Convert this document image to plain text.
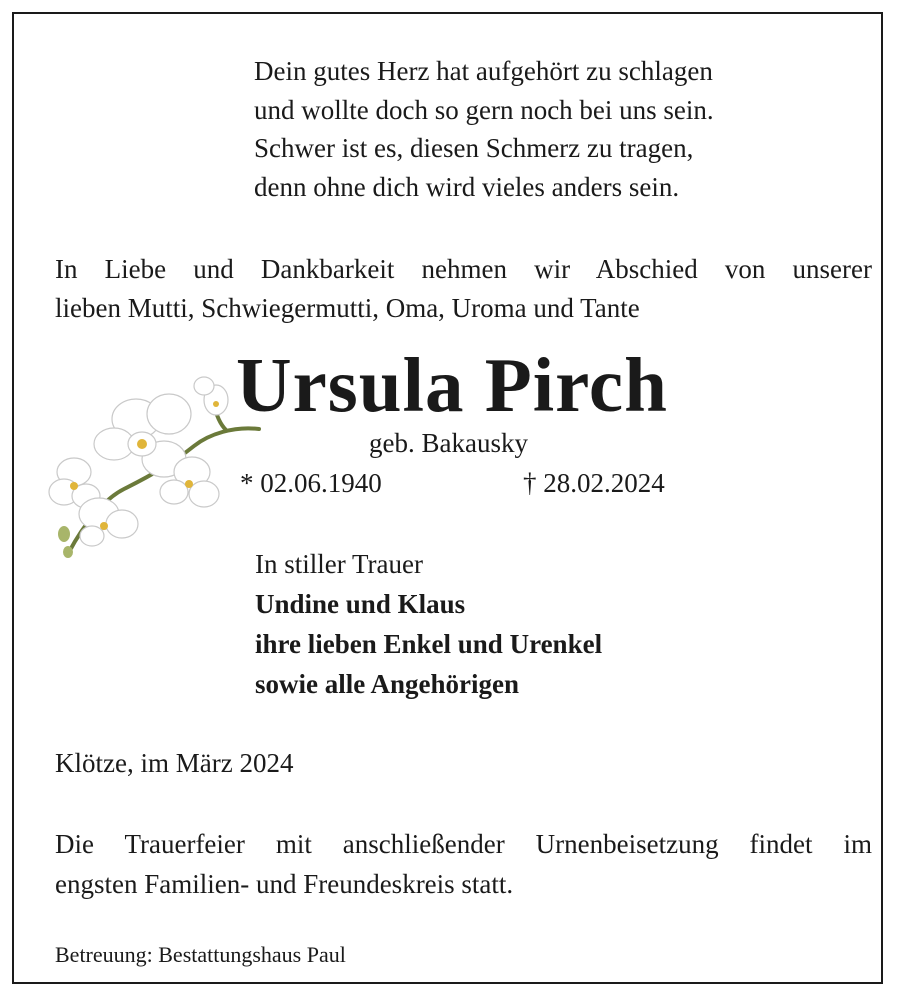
Dein gutes Herz hat aufgehört zu schlagen
und wollte doch so gern noch bei uns sein.
Schwer ist es, diesen Schmerz zu tragen,
denn ohne dich wird vieles anders sein.
In Liebe und Dankbarkeit nehmen wir Abschied von unserer
lieben Mutti, Schwiegermutti, Oma, Uroma und Tante
Ursula Pirch
geb. Bakausky
* 02.06.1940	† 28.02.2024
In stiller Trauer
Undine und Klaus
ihre lieben Enkel und Urenkel
sowie alle Angehörigen
Klötze, im März 2024
Die Trauerfeier mit anschließender Urnenbeisetzung findet im
engsten Familien- und Freundeskreis statt.
Betreuung: Bestattungshaus Paul
